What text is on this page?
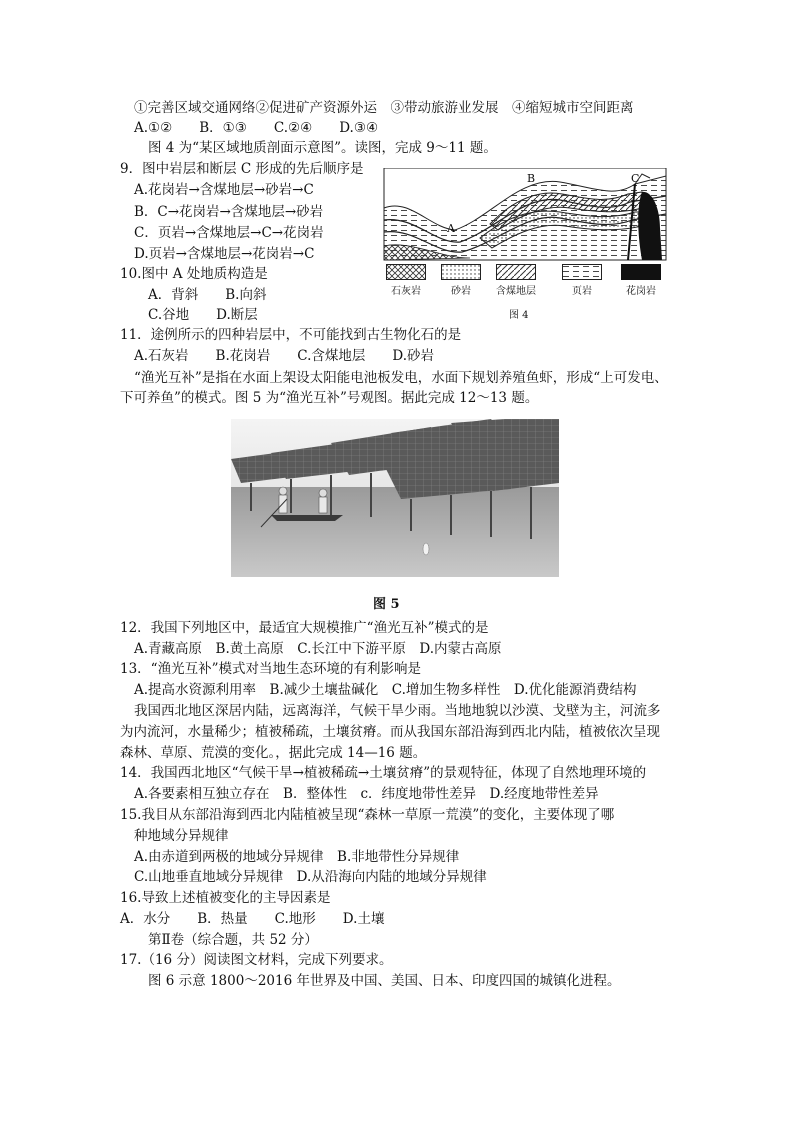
①完善区域交通网络②促进矿产资源外运　③带动旅游业发展　④缩短城市空间距离
A.①②　　B．①③　　C.②④　　D.③④
图 4 为“某区域地质剖面示意图”。读图，完成 9～11 题。
9．图中岩层和断层 C 形成的先后顺序是
A.花岗岩→含煤地层→砂岩→C
B．C→花岗岩→含煤地层→砂岩
C．页岩→含煤地层→C→花岗岩
D.页岩→含煤地层→花岗岩→C
10.图中 A 处地质构造是
A．背斜　　B.向斜
C.谷地　　D.断层
11．途例所示的四种岩层中，不可能找到古生物化石的是
A.石灰岩　　B.花岗岩　　C.含煤地层　　D.砂岩
“渔光互补”是指在水面上架设太阳能电池板发电，水面下规划养殖鱼虾，形成“上可发电、
下可养鱼”的模式。图 5 为“渔光互补”号观图。据此完成 12～13 题。
12．我国下列地区中，最适宜大规模推广“渔光互补”模式的是
A.青藏高原　B.黄土高原　C.长江中下游平原　D.内蒙古高原
13．“渔光互补”模式对当地生态环境的有利影响是
A.提高水资源利用率　B.减少土壤盐碱化　C.增加生物多样性　D.优化能源消费结构
我国西北地区深居内陆，远离海洋，气候干旱少雨。当地地貌以沙漠、戈壁为主，河流多
为内流河，水量稀少；植被稀疏，土壤贫瘠。而从我国东部沿海到西北内陆，植被依次呈现
森林、草原、荒漠的变化。，据此完成 14—16 题。
14．我国西北地区“气候干旱→植被稀疏→土壤贫瘠”的景观特征，体现了自然地理环境的
A.各要素相互独立存在　B．整体性　c．纬度地带性差异　D.经度地带性差异
15.我目从东部沿海到西北内陆植被呈现“森林一草原一荒漠”的变化，主要体现了哪
种地域分异规律
A.由赤道到两极的地域分异规律　B.非地带性分异规律
C.山地垂直地域分异规律　D.从沿海向内陆的地域分异规律
16.导致上述植被变化的主导因素是
A．水分　　B．热量　　C.地形　　D.土壤
第Ⅱ卷（综合题，共 52 分）
17.（16 分）阅读图文材料，完成下列要求。
图 6 示意 1800～2016 年世界及中国、美国、日本、印度四国的城镇化进程。
B	C
A
石灰岩	砂岩	含煤地层	页岩	花岗岩
图 4
图 5
